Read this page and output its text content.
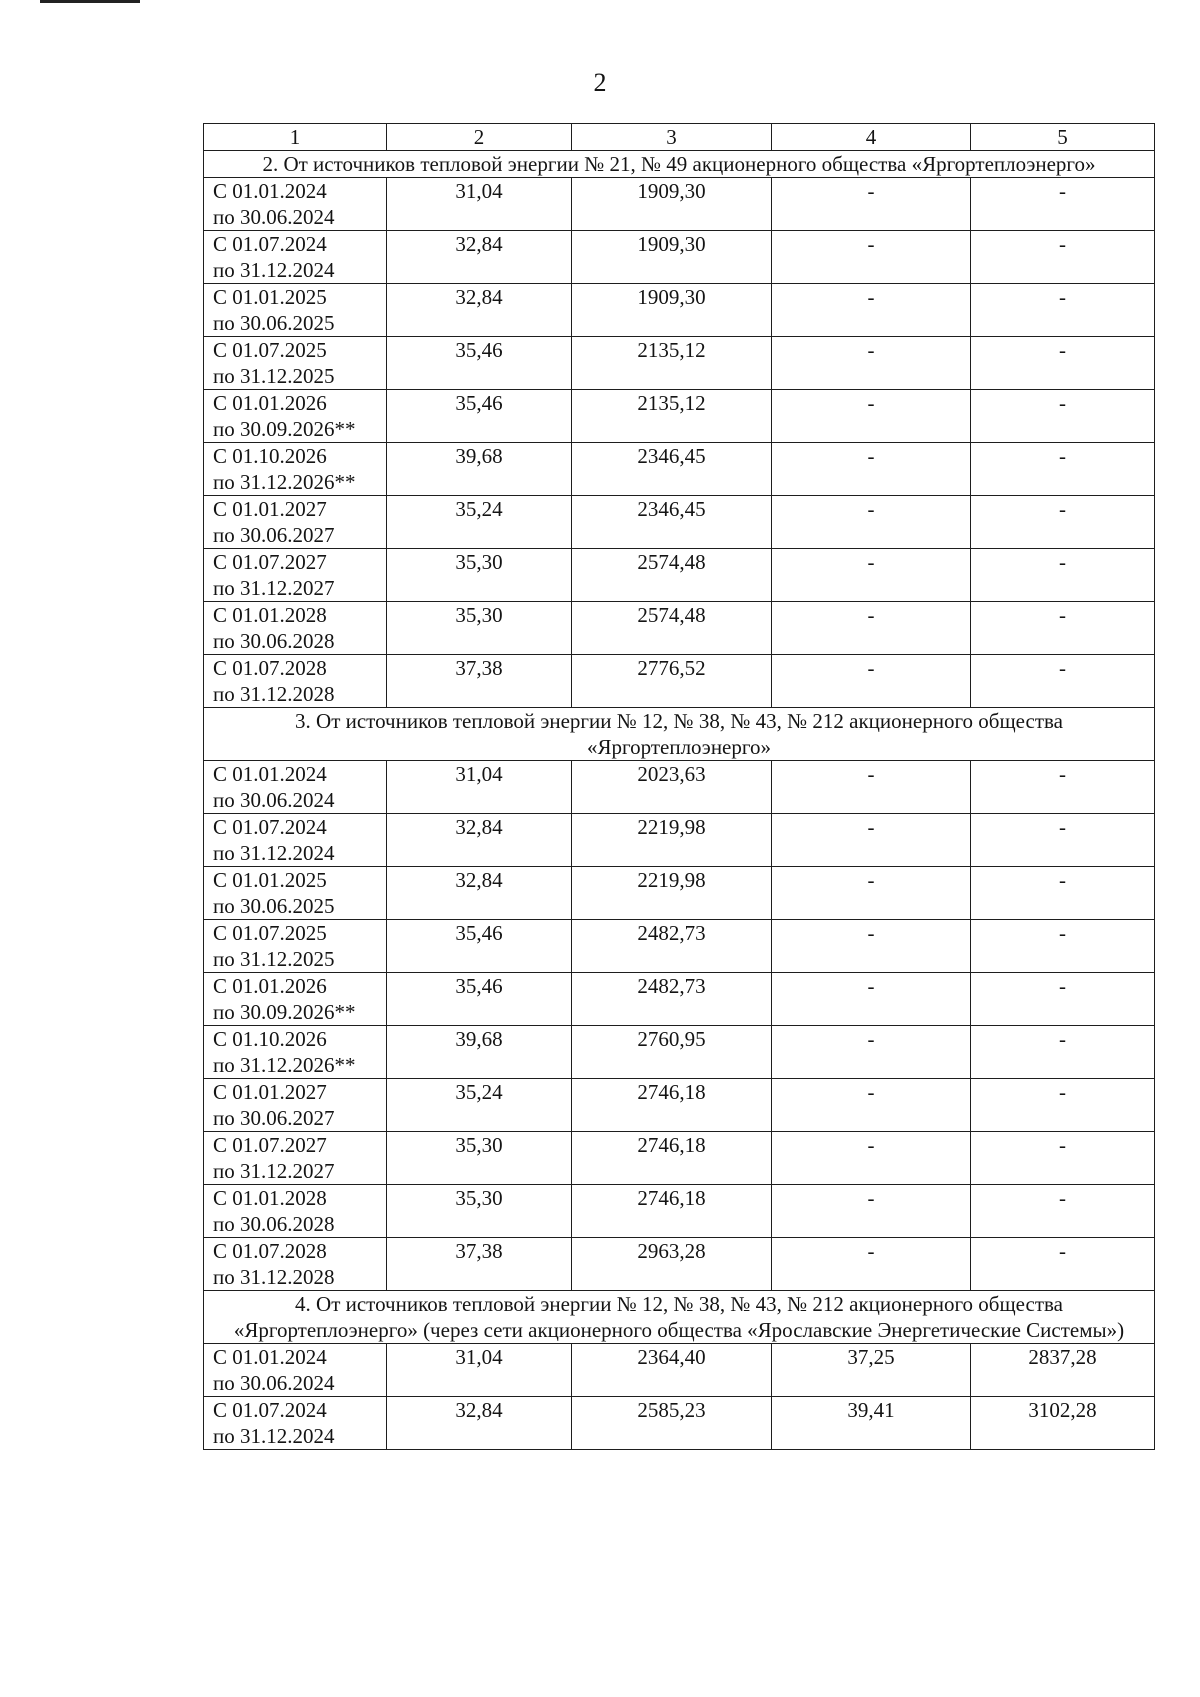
2
1	2	3	4	5
2. От источников тепловой энергии № 21, № 49 акционерного общества «Яргортеплоэнерго»				

С 01.01.2024
по 30.06.2024	31,04	1909,30	-	-

С 01.07.2024
по 31.12.2024	32,84	1909,30	-	-

С 01.01.2025
по 30.06.2025	32,84	1909,30	-	-

С 01.07.2025
по 31.12.2025	35,46	2135,12	-	-

С 01.01.2026
по 30.09.2026**	35,46	2135,12	-	-

С 01.10.2026
по 31.12.2026**	39,68	2346,45	-	-

С 01.01.2027
по 30.06.2027	35,24	2346,45	-	-

С 01.07.2027
по 31.12.2027	35,30	2574,48	-	-

С 01.01.2028
по 30.06.2028	35,30	2574,48	-	-

С 01.07.2028
по 31.12.2028	37,38	2776,52	-	-
3. От источников тепловой энергии № 12, № 38, № 43, № 212 акционерного общества «Яргортеплоэнерго»				

С 01.01.2024
по 30.06.2024	31,04	2023,63	-	-

С 01.07.2024
по 31.12.2024	32,84	2219,98	-	-

С 01.01.2025
по 30.06.2025	32,84	2219,98	-	-

С 01.07.2025
по 31.12.2025	35,46	2482,73	-	-

С 01.01.2026
по 30.09.2026**	35,46	2482,73	-	-

С 01.10.2026
по 31.12.2026**	39,68	2760,95	-	-

С 01.01.2027
по 30.06.2027	35,24	2746,18	-	-

С 01.07.2027
по 31.12.2027	35,30	2746,18	-	-

С 01.01.2028
по 30.06.2028	35,30	2746,18	-	-

С 01.07.2028
по 31.12.2028	37,38	2963,28	-	-
4. От источников тепловой энергии № 12, № 38, № 43, № 212 акционерного общества «Яргортеплоэнерго» (через сети акционерного общества «Ярославские Энергетические Системы»)				

С 01.01.2024
по 30.06.2024	31,04	2364,40	37,25	2837,28

С 01.07.2024
по 31.12.2024	32,84	2585,23	39,41	3102,28
